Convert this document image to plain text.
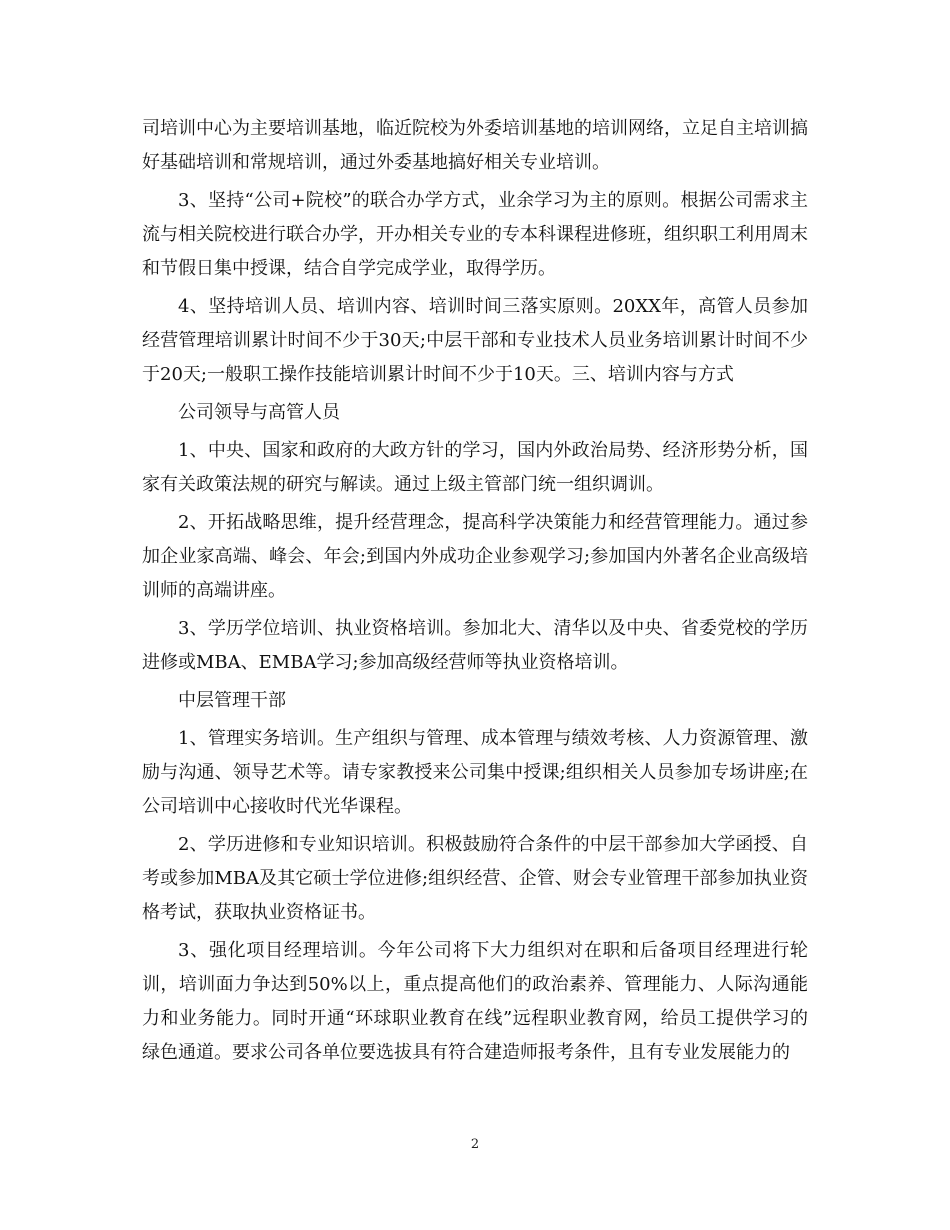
司培训中心为主要培训基地，临近院校为外委培训基地的培训网络，立足自主培训搞好基础培训和常规培训，通过外委基地搞好相关专业培训。

3、坚持“公司+院校”的联合办学方式，业余学习为主的原则。根据公司需求主流与相关院校进行联合办学，开办相关专业的专本科课程进修班，组织职工利用周末和节假日集中授课，结合自学完成学业，取得学历。

4、坚持培训人员、培训内容、培训时间三落实原则。20XX年，高管人员参加经营管理培训累计时间不少于30天;中层干部和专业技术人员业务培训累计时间不少于20天;一般职工操作技能培训累计时间不少于10天。三、培训内容与方式

公司领导与高管人员

1、中央、国家和政府的大政方针的学习，国内外政治局势、经济形势分析，国家有关政策法规的研究与解读。通过上级主管部门统一组织调训。

2、开拓战略思维，提升经营理念，提高科学决策能力和经营管理能力。通过参加企业家高端、峰会、年会;到国内外成功企业参观学习;参加国内外著名企业高级培训师的高端讲座。

3、学历学位培训、执业资格培训。参加北大、清华以及中央、省委党校的学历进修或MBA、EMBA学习;参加高级经营师等执业资格培训。

中层管理干部

1、管理实务培训。生产组织与管理、成本管理与绩效考核、人力资源管理、激励与沟通、领导艺术等。请专家教授来公司集中授课;组织相关人员参加专场讲座;在公司培训中心接收时代光华课程。

2、学历进修和专业知识培训。积极鼓励符合条件的中层干部参加大学函授、自考或参加MBA及其它硕士学位进修;组织经营、企管、财会专业管理干部参加执业资格考试，获取执业资格证书。

3、强化项目经理培训。今年公司将下大力组织对在职和后备项目经理进行轮训，培训面力争达到50%以上，重点提高他们的政治素养、管理能力、人际沟通能力和业务能力。同时开通“环球职业教育在线”远程职业教育网，给员工提供学习的绿色通道。要求公司各单位要选拔具有符合建造师报考条件，且有专业发展能力的

2
